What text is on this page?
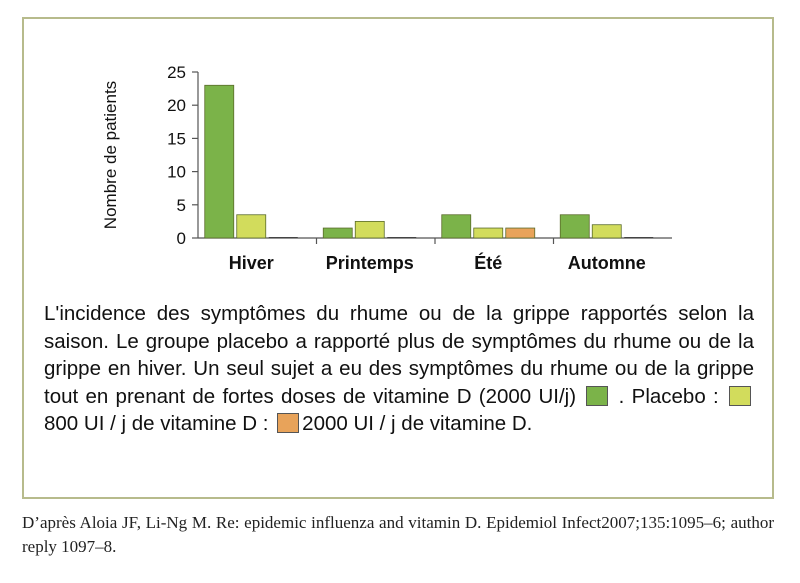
0
5
10
15
20
25
Nombre de patients
Hiver	Printemps	Été	Automne
L'incidence des symptômes du rhume ou de la grippe rapportés selon la saison. Le groupe placebo a rapporté plus de symptômes du rhume ou de la grippe en hiver. Un seul sujet a eu des symptômes du rhume ou de la grippe tout en prenant de fortes doses de vitamine D (2000 UI/j) . Placebo :  800 UI / j de vitamine D : 2000 UI / j de vitamine D.
D’après Aloia JF, Li-Ng M. Re: epidemic influenza and vitamin D. Epidemiol Infect2007;135:1095–6; author reply 1097–8.
